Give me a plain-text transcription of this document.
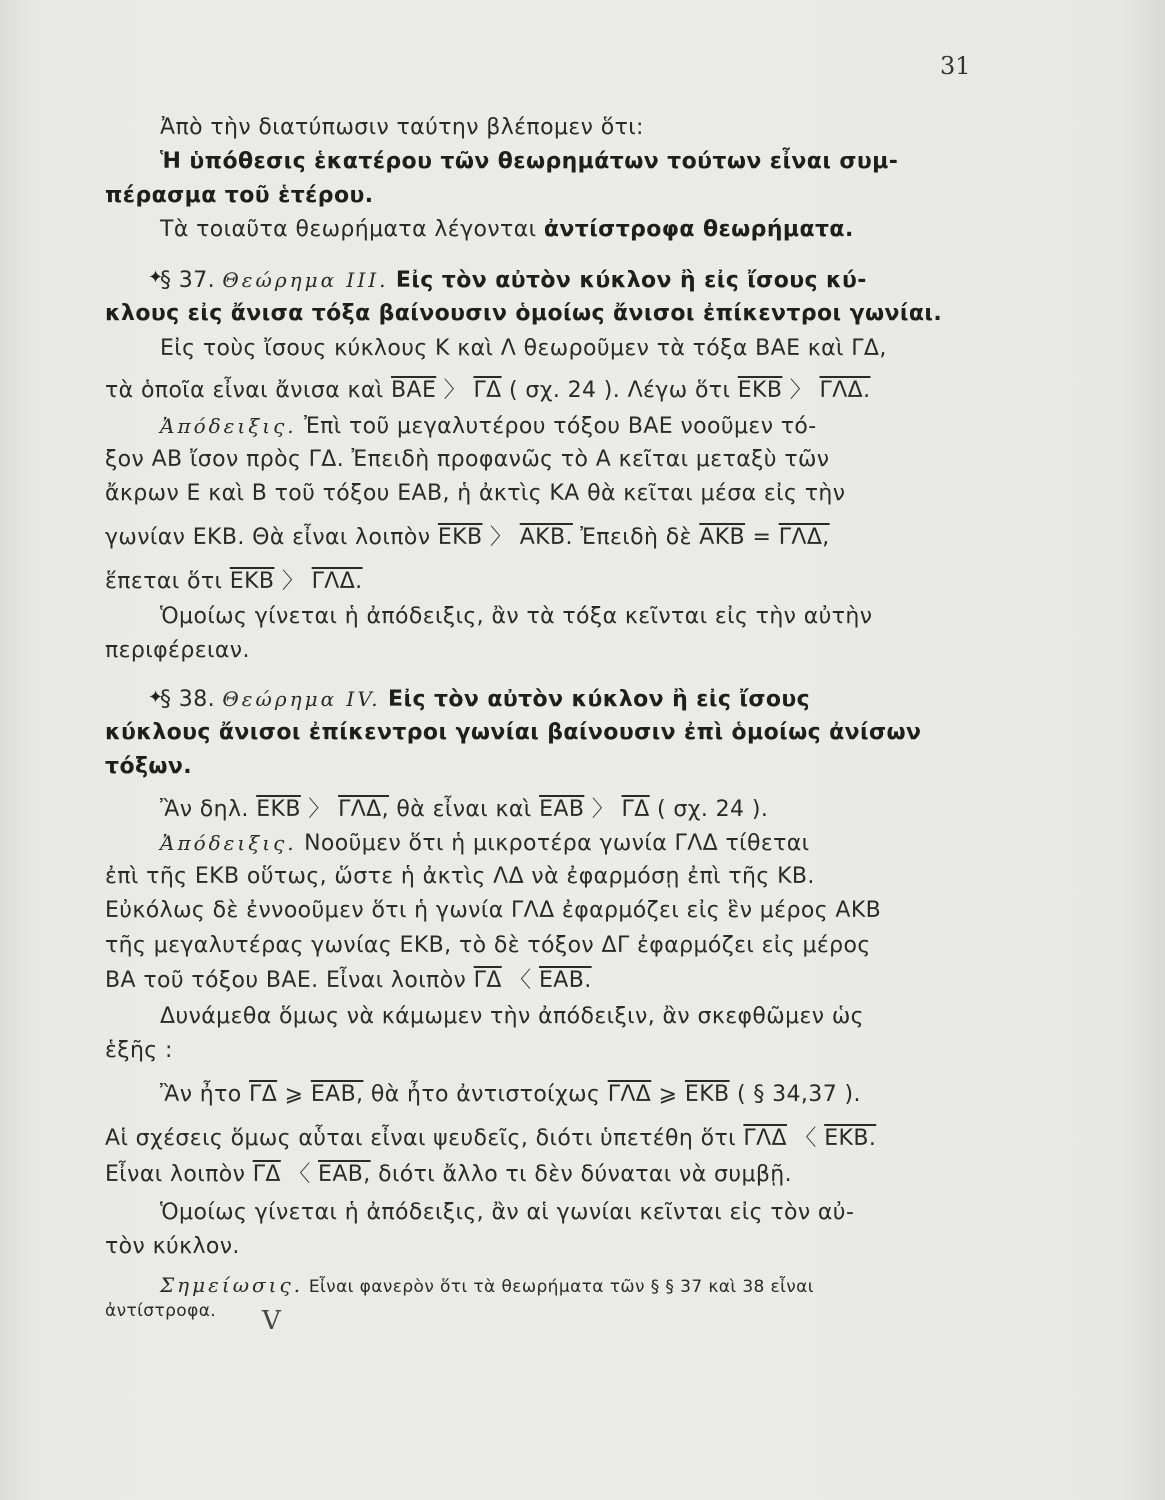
31
Ἀπὸ τὴν διατύπωσιν ταύτην βλέπομεν ὅτι:
Ἡ ὑπόθεσις ἑκατέρου τῶν θεωρημάτων τούτων εἶναι συμ-
πέρασμα τοῦ ἑτέρου.
Τὰ τοιαῦτα θεωρήματα λέγονται ἀντίστροφα θεωρήματα.
✦
§ 37. Θεώρημα III. Εἰς τὸν αὐτὸν κύκλον ἢ εἰς ἴσους κύ-
κλους εἰς ἄνισα τόξα βαίνουσιν ὁμοίως ἄνισοι ἐπίκεντροι γωνίαι.
Εἰς τοὺς ἴσους κύκλους Κ καὶ Λ θεωροῦμεν τὰ τόξα ΒΑΕ καὶ ΓΔ,
τὰ ὁποῖα εἶναι ἄνισα καὶ $\overline{BAE}$ 〉 $\overline{\Gamma\Delta}$ ( σχ. 24 ). Λέγω ὅτι $\overline{EKB}$ 〉 ΓΛΔ.
Ἀπόδειξις. Ἐπὶ τοῦ μεγαλυτέρου τόξου ΒΑΕ νοοῦμεν τό-
ξον ΑΒ ἴσον πρὸς ΓΔ. Ἐπειδὴ προφανῶς τὸ Α κεῖται μεταξὺ τῶν
ἄκρων Ε καὶ Β τοῦ τόξου ΕΑΒ, ἡ ἀκτὶς ΚΑ θὰ κεῖται μέσα εἰς τὴν
γωνίαν ΕΚΒ. Θὰ εἶναι λοιπὸν $\overline{EKB}$ 〉 ΑΚΒ. Ἐπειδὴ δὲ $\overline{AKB} = \Gamma\Lambda\Delta$,
ἕπεται ὅτι $\overline{EKB}$ 〉 ΓΛΔ.
Ὁμοίως γίνεται ἡ ἀπόδειξις, ἂν τὰ τόξα κεῖνται εἰς τὴν αὐτὴν
περιφέρειαν.
✦
§ 38. Θεώρημα IV. Εἰς τὸν αὐτὸν κύκλον ἢ εἰς ἴσους
κύκλους ἄνισοι ἐπίκεντροι γωνίαι βαίνουσιν ἐπὶ ὁμοίως ἀνίσων
τόξων.
Ἂν δηλ. $\overline{EKB}$ 〉 ΓΛΔ, θὰ εἶναι καὶ $\overline{EAB}$ 〉 $\overline{\Gamma\Delta}$ ( σχ. 24 ).
Ἀπόδειξις. Νοοῦμεν ὅτι ἡ μικροτέρα γωνία ΓΛΔ τίθεται
ἐπὶ τῆς ΕΚΒ οὕτως, ὥστε ἡ ἀκτὶς ΛΔ νὰ ἐφαρμόσῃ ἐπὶ τῆς ΚΒ.
Εὐκόλως δὲ ἐννοοῦμεν ὅτι ἡ γωνία ΓΛΔ ἐφαρμόζει εἰς ἓν μέρος ΑΚΒ
τῆς μεγαλυτέρας γωνίας ΕΚΒ, τὸ δὲ τόξον ΔΓ ἐφαρμόζει εἰς μέρος
ΒΑ τοῦ τόξου ΒΑΕ. Εἶναι λοιπὸν $\overline{\Gamma\Delta}$ 〈 ΕΑΒ.
Δυνάμεθα ὅμως νὰ κάμωμεν τὴν ἀπόδειξιν, ἂν σκεφθῶμεν ὡς
ἑξῆς :
Ἂν ἦτο $\overline{\Gamma\Delta}$ ⩾ ΕΑΒ, θὰ ἦτο ἀντιστοίχως $\overline{\Gamma\Lambda\Delta}$ ⩾ $\overline{EKB}$ ( § 34,37 ).
Αἱ σχέσεις ὅμως αὗται εἶναι ψευδεῖς, διότι ὑπετέθη ὅτι $\overline{\Gamma\Lambda\Delta}$ 〈 ΕΚΒ.
Εἶναι λοιπὸν $\overline{\Gamma\Delta}$ 〈 ΕΑΒ, διότι ἄλλο τι δὲν δύναται νὰ συμβῇ.
Ὁμοίως γίνεται ἡ ἀπόδειξις, ἂν αἱ γωνίαι κεῖνται εἰς τὸν αὐ-
τὸν κύκλον.
Σημείωσις. Εἶναι φανερὸν ὅτι τὰ θεωρήματα τῶν § § 37 καὶ 38 εἶναι
ἀντίστροφα.	V
